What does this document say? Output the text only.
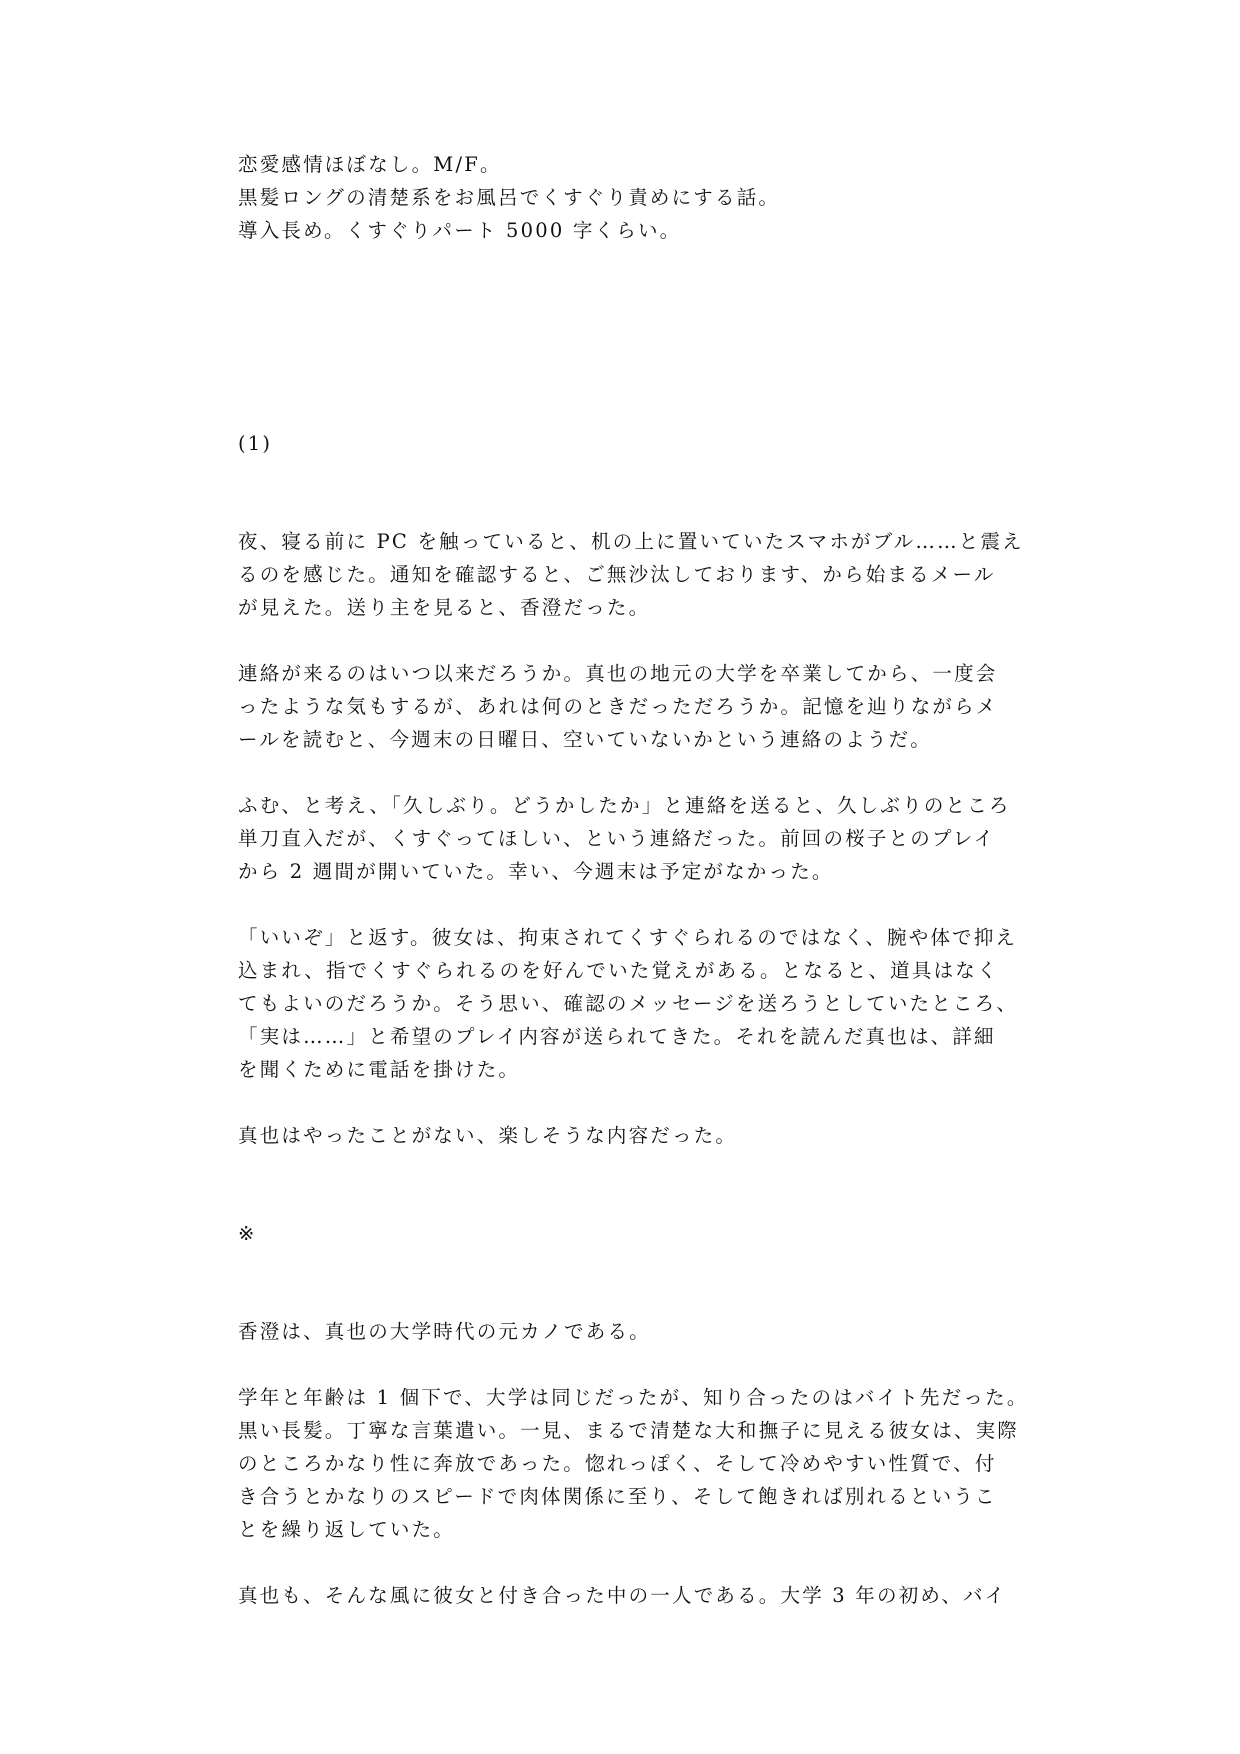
恋愛感情ほぼなし。M/F。
黒髪ロングの清楚系をお風呂でくすぐり責めにする話。
導入長め。くすぐりパート 5000 字くらい。
(1)
夜、寝る前に PC を触っていると、机の上に置いていたスマホがブル……と震え
るのを感じた。通知を確認すると、ご無沙汰しております、から始まるメール
が見えた。送り主を見ると、香澄だった。
連絡が来るのはいつ以来だろうか。真也の地元の大学を卒業してから、一度会
ったような気もするが、あれは何のときだっただろうか。記憶を辿りながらメ
ールを読むと、今週末の日曜日、空いていないかという連絡のようだ。
ふむ、と考え、「久しぶり。どうかしたか」と連絡を送ると、久しぶりのところ
単刀直入だが、くすぐってほしい、という連絡だった。前回の桜子とのプレイ
から 2 週間が開いていた。幸い、今週末は予定がなかった。
「いいぞ」と返す。彼女は、拘束されてくすぐられるのではなく、腕や体で抑え
込まれ、指でくすぐられるのを好んでいた覚えがある。となると、道具はなく
てもよいのだろうか。そう思い、確認のメッセージを送ろうとしていたところ、
「実は……」と希望のプレイ内容が送られてきた。それを読んだ真也は、詳細
を聞くために電話を掛けた。
真也はやったことがない、楽しそうな内容だった。
※
香澄は、真也の大学時代の元カノである。
学年と年齢は 1 個下で、大学は同じだったが、知り合ったのはバイト先だった。
黒い長髪。丁寧な言葉遣い。一見、まるで清楚な大和撫子に見える彼女は、実際
のところかなり性に奔放であった。惚れっぽく、そして冷めやすい性質で、付
き合うとかなりのスピードで肉体関係に至り、そして飽きれば別れるというこ
とを繰り返していた。
真也も、そんな風に彼女と付き合った中の一人である。大学 3 年の初め、バイ
